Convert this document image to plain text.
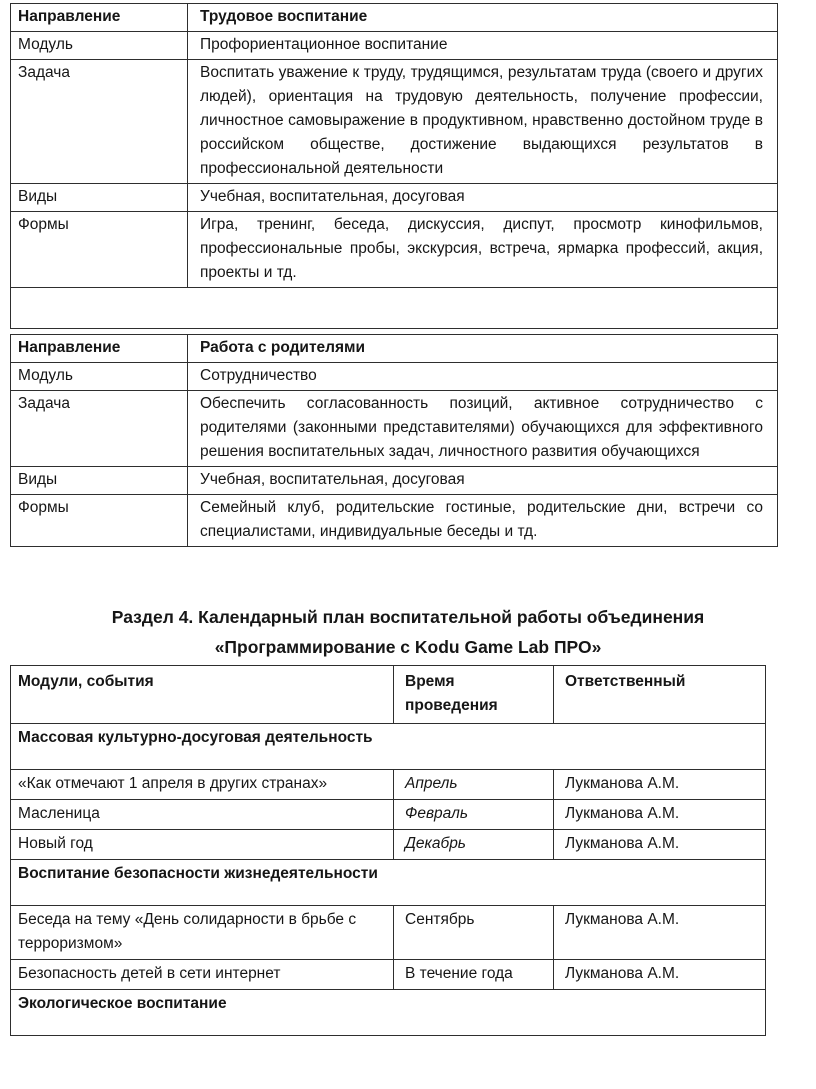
Направление	Трудовое воспитание
Модуль	Профориентационное воспитание
Задача	Воспитать уважение к труду, трудящимся, результатам труда (своего и других людей), ориентация на трудовую деятельность, получение профессии, личностное самовыражение в продуктивном, нравственно достойном труде в российском обществе, достижение выдающихся результатов в профессиональной деятельности
Виды	Учебная, воспитательная, досуговая
Формы	Игра, тренинг, беседа, дискуссия, диспут, просмотр кинофильмов, профессиональные пробы, экскурсия, встреча, ярмарка профессий, акция, проекты и тд.

Направление	Работа с родителями
Модуль	Сотрудничество
Задача	Обеспечить согласованность позиций, активное сотрудничество с родителями (законными представителями) обучающихся для эффективного решения воспитательных задач, личностного развития обучающихся
Виды	Учебная, воспитательная, досуговая
Формы	Семейный клуб, родительские гостиные, родительские дни, встречи со специалистами, индивидуальные беседы и тд.
Раздел 4. Календарный план воспитательной работы объединения
«Программирование с Kodu Game Lab ПРО»
Модули, события	Время проведения	Ответственный
Массовая культурно-досуговая деятельность		
«Как отмечают 1 апреля в других странах»	Апрель	Лукманова А.М.
Масленица	Февраль	Лукманова А.М.
Новый год	Декабрь	Лукманова А.М.
Воспитание безопасности жизнедеятельности		
Беседа на тему «День солидарности в брьбе с терроризмом»	Сентябрь	Лукманова А.М.
Безопасность детей в сети интернет	В течение года	Лукманова А.М.
Экологическое воспитание		
